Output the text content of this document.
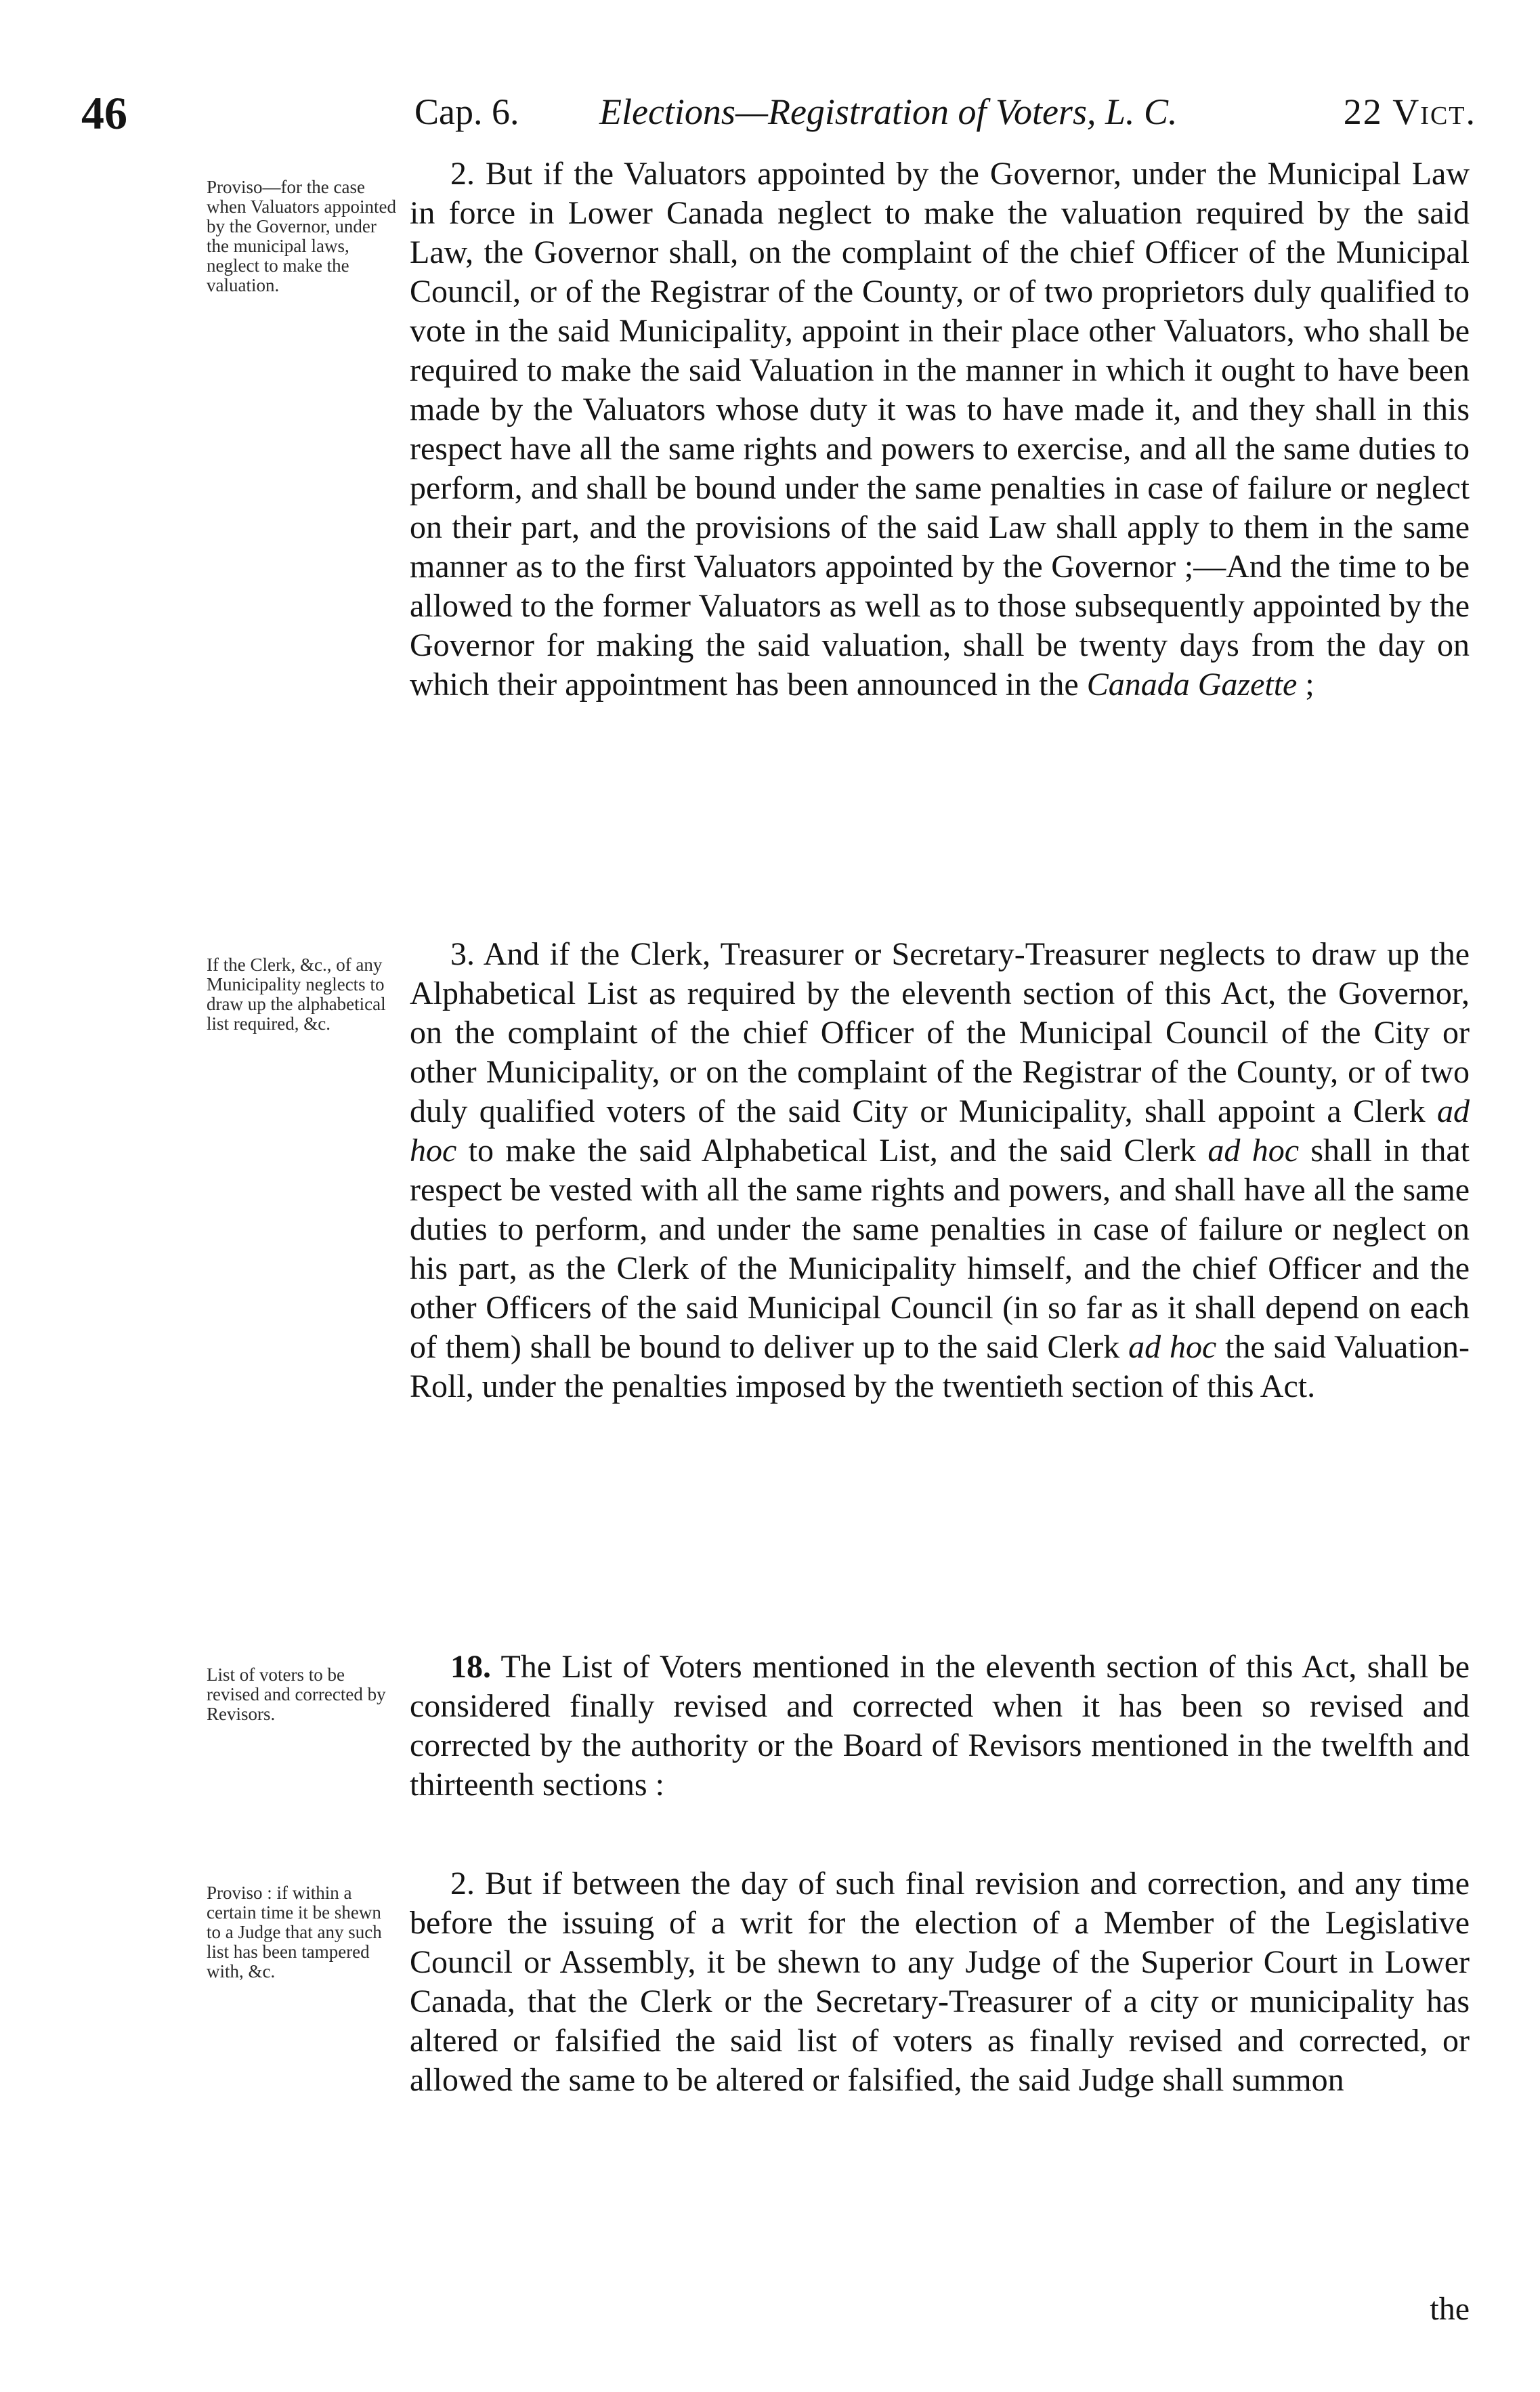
46	Cap. 6. Elections—Registration of Voters, L. C.	22 Vict.
Proviso—for the case when Valuators appointed by the Governor, under the municipal laws, neglect to make the valuation.
2. But if the Valuators appointed by the Governor, under the Municipal Law in force in Lower Canada neglect to make the valuation required by the said Law, the Governor shall, on the complaint of the chief Officer of the Municipal Council, or of the Registrar of the County, or of two proprietors duly qualified to vote in the said Municipality, appoint in their place other Valuators, who shall be required to make the said Valuation in the manner in which it ought to have been made by the Valuators whose duty it was to have made it, and they shall in this respect have all the same rights and powers to exercise, and all the same duties to perform, and shall be bound under the same penalties in case of failure or neglect on their part, and the provisions of the said Law shall apply to them in the same manner as to the first Valuators appointed by the Governor ;—And the time to be allowed to the former Valuators as well as to those subsequently appointed by the Governor for making the said valuation, shall be twenty days from the day on which their appointment has been announced in the Canada Gazette ;
If the Clerk, &c., of any Municipality neglects to draw up the alphabetical list required, &c.
3. And if the Clerk, Treasurer or Secretary-Treasurer neglects to draw up the Alphabetical List as required by the eleventh section of this Act, the Governor, on the complaint of the chief Officer of the Municipal Council of the City or other Municipality, or on the complaint of the Registrar of the County, or of two duly qualified voters of the said City or Municipality, shall appoint a Clerk ad hoc to make the said Alphabetical List, and the said Clerk ad hoc shall in that respect be vested with all the same rights and powers, and shall have all the same duties to perform, and under the same penalties in case of failure or neglect on his part, as the Clerk of the Municipality himself, and the chief Officer and the other Officers of the said Municipal Council (in so far as it shall depend on each of them) shall be bound to deliver up to the said Clerk ad hoc the said Valuation-Roll, under the penalties imposed by the twentieth section of this Act.
List of voters to be revised and corrected by Revisors.
18. The List of Voters mentioned in the eleventh section of this Act, shall be considered finally revised and corrected when it has been so revised and corrected by the authority or the Board of Revisors mentioned in the twelfth and thirteenth sections :
Proviso : if within a certain time it be shewn to a Judge that any such list has been tampered with, &c.
2. But if between the day of such final revision and correction, and any time before the issuing of a writ for the election of a Member of the Legislative Council or Assembly, it be shewn to any Judge of the Superior Court in Lower Canada, that the Clerk or the Secretary-Treasurer of a city or municipality has altered or falsified the said list of voters as finally revised and corrected, or allowed the same to be altered or falsified, the said Judge shall summon
the
